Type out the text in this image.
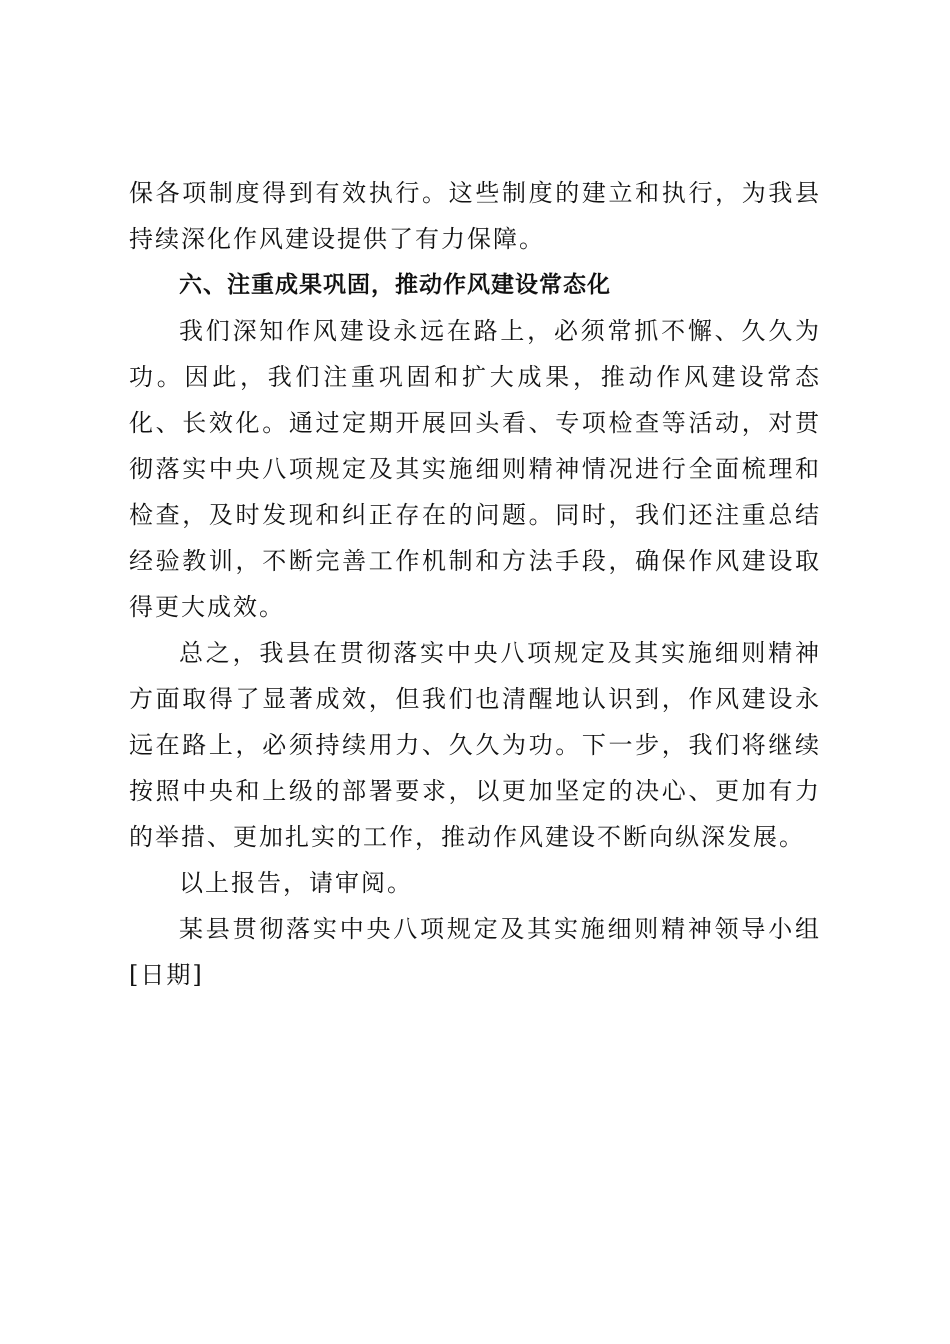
保各项制度得到有效执行。这些制度的建立和执行，为我县持续深化作风建设提供了有力保障。

六、注重成果巩固，推动作风建设常态化

我们深知作风建设永远在路上，必须常抓不懈、久久为功。因此，我们注重巩固和扩大成果，推动作风建设常态化、长效化。通过定期开展回头看、专项检查等活动，对贯彻落实中央八项规定及其实施细则精神情况进行全面梳理和检查，及时发现和纠正存在的问题。同时，我们还注重总结经验教训，不断完善工作机制和方法手段，确保作风建设取得更大成效。

总之，我县在贯彻落实中央八项规定及其实施细则精神方面取得了显著成效，但我们也清醒地认识到，作风建设永远在路上，必须持续用力、久久为功。下一步，我们将继续按照中央和上级的部署要求，以更加坚定的决心、更加有力的举措、更加扎实的工作，推动作风建设不断向纵深发展。

以上报告，请审阅。

某县贯彻落实中央八项规定及其实施细则精神领导小组[日期]
